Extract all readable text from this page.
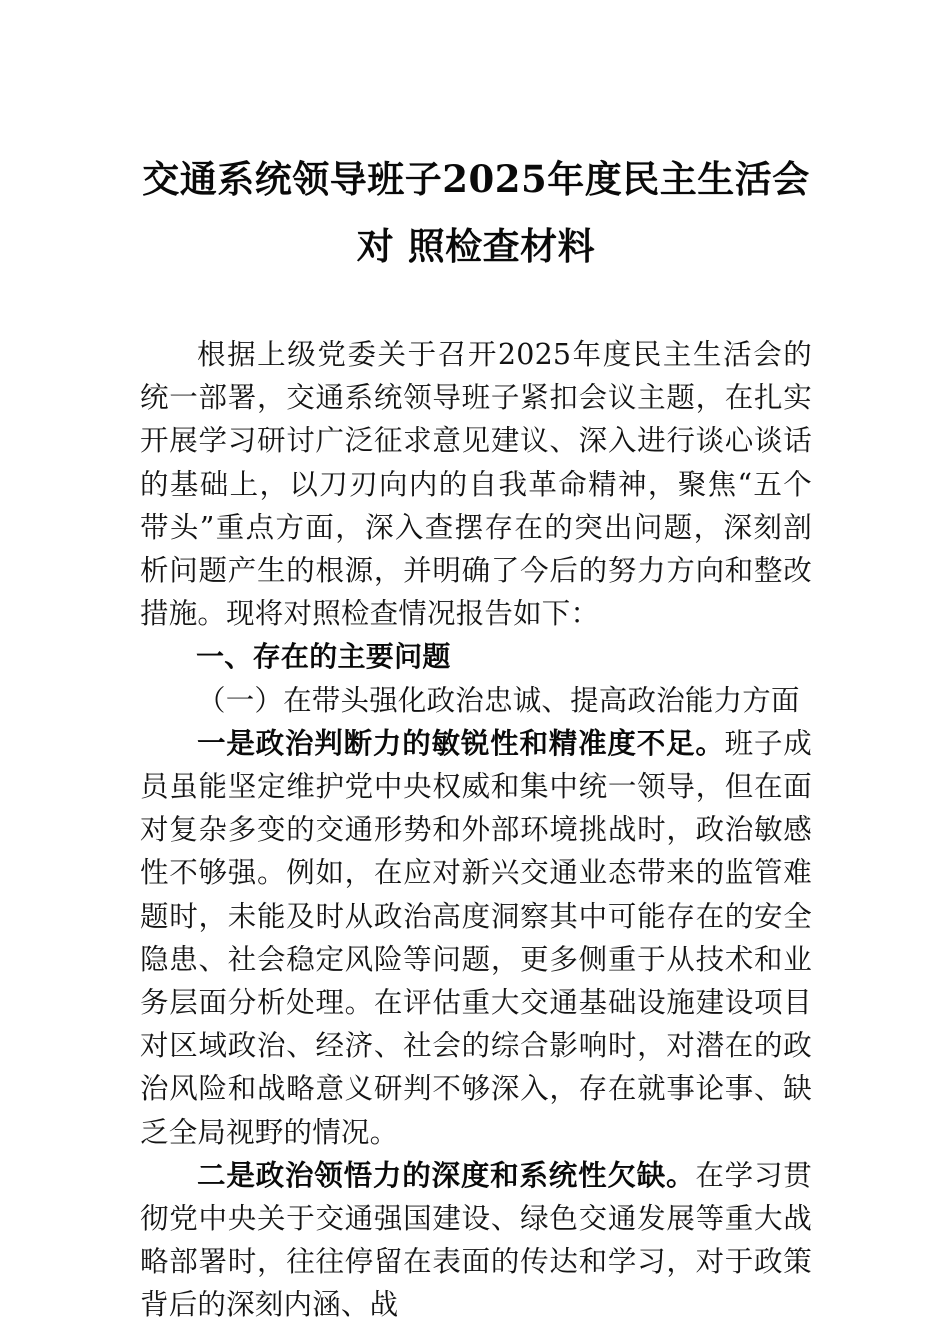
交通系统领导班子2025年度民主生活会对 照检查材料

根据上级党委关于召开2025年度民主生活会的统一部署，交通系统领导班子紧扣会议主题，在扎实开展学习研讨广泛征求意见建议、深入进行谈心谈话的基础上，以刀刃向内的自我革命精神，聚焦“五个带头”重点方面，深入查摆存在的突出问题，深刻剖析问题产生的根源，并明确了今后的努力方向和整改措施。现将对照检查情况报告如下：

一、存在的主要问题

（一）在带头强化政治忠诚、提高政治能力方面

一是政治判断力的敏锐性和精准度不足。班子成员虽能坚定维护党中央权威和集中统一领导，但在面对复杂多变的交通形势和外部环境挑战时，政治敏感性不够强。例如，在应对新兴交通业态带来的监管难题时，未能及时从政治高度洞察其中可能存在的安全隐患、社会稳定风险等问题，更多侧重于从技术和业务层面分析处理。在评估重大交通基础设施建设项目对区域政治、经济、社会的综合影响时，对潜在的政治风险和战略意义研判不够深入，存在就事论事、缺乏全局视野的情况。

二是政治领悟力的深度和系统性欠缺。在学习贯彻党中央关于交通强国建设、绿色交通发展等重大战略部署时，往往停留在表面的传达和学习，对于政策背后的深刻内涵、战
